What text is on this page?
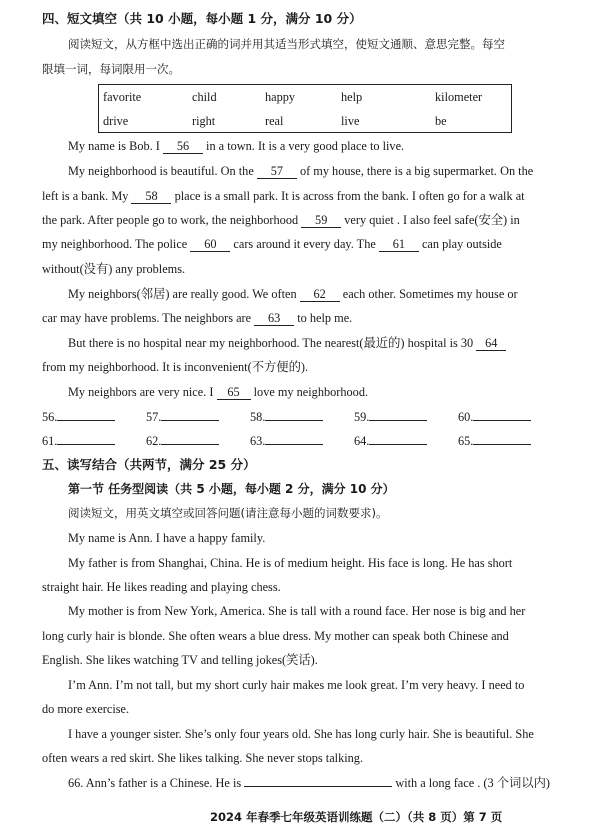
四、短文填空（共 10 小题，每小题 1 分，满分 10 分）
阅读短文，从方框中选出正确的词并用其适当形式填空，使短文通顺、意思完整。每空
限填一词，每词限用一次。
favorite	child	happy	help	kilometer
drive	right	real	live	be
My name is Bob. I 56 in a town. It is a very good place to live.
My neighborhood is beautiful. On the 57 of my house, there is a big supermarket. On the
left is a bank. My 58 place is a small park. It is across from the bank. I often go for a walk at
the park. After people go to work, the neighborhood 59 very quiet . I also feel safe(安全) in
my neighborhood. The police 60 cars around it every day. The 61 can play outside
without(没有) any problems.
My neighbors(邻居) are really good. We often 62 each other. Sometimes my house or
car may have problems. The neighbors are 63 to help me.
But there is no hospital near my neighborhood. The nearest(最近的) hospital is 30 64
from my neighborhood. It is inconvenient(不方便的).
My neighbors are very nice. I 65 love my neighborhood.
56.	57.	58.	59.	60.
61.	62.	63.	64.	65.
五、读写结合（共两节，满分 25 分）
第一节 任务型阅读（共 5 小题，每小题 2 分，满分 10 分）
阅读短文，用英文填空或回答问题(请注意每小题的词数要求)。
My name is Ann. I have a happy family.
My father is from Shanghai, China. He is of medium height. His face is long. He has short
straight hair. He likes reading and playing chess.
My mother is from New York, America. She is tall with a round face. Her nose is big and her
long curly hair is blonde. She often wears a blue dress. My mother can speak both Chinese and
English. She likes watching TV and telling jokes(笑话).
I’m Ann. I’m not tall, but my short curly hair makes me look great. I’m very heavy. I need to
do more exercise.
I have a younger sister. She’s only four years old. She has long curly hair. She is beautiful. She
often wears a red skirt. She likes talking. She never stops talking.
66. Ann’s father is a Chinese. He is	with a long face . (3 个词以内)
2024 年春季七年级英语训练题（二）（共 8 页）第 7 页
